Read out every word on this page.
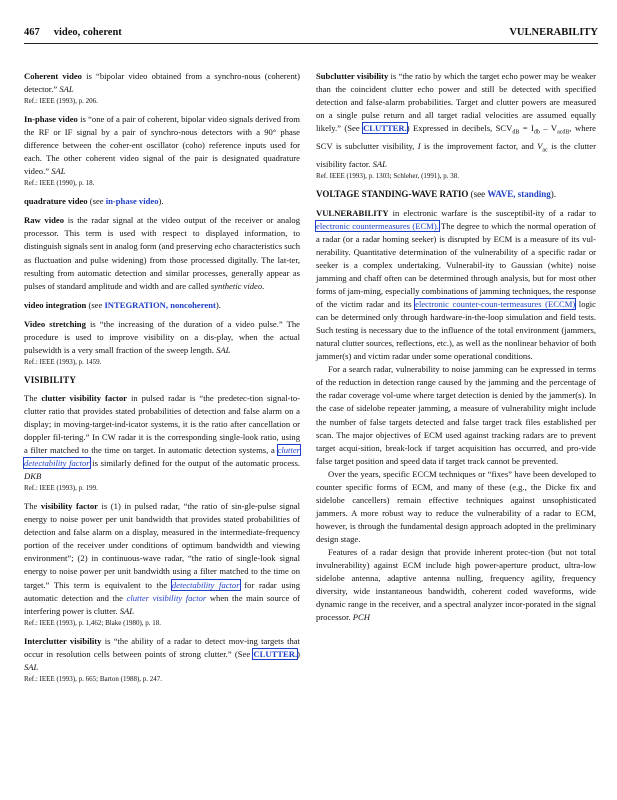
467 video, coherent	VULNERABILITY

Coherent video is “bipolar video obtained from a synchro-nous (coherent) detector.” SAL

Ref.: IEEE (1993), p. 206.

In-phase video is “one of a pair of coherent, bipolar video signals derived from the RF or IF signal by a pair of synchro-nous detectors with a 90° phase difference between the coher-ent oscillator (coho) reference inputs used for each. The other coherent video signal of the pair is designated quadrature video.” SAL

Ref.: IEEE (1990), p. 18.

quadrature video (see in-phase video).

Raw video is the radar signal at the video output of the receiver or analog processor. This term is used with respect to displayed information, to distinguish signals sent in analog form (and preserving echo characteristics such as fluctuation and pulse widening) from those processed digitally. The lat-ter, resulting from automatic detection and similar processes, generally appear as pulses of standard amplitude and width and are called synthetic video.

video integration (see INTEGRATION, noncoherent).

Video stretching is “the increasing of the duration of a video pulse.” The procedure is used to improve visibility on a dis-play, when the actual pulsewidth is a very small fraction of the sweep length. SAL

Ref.: IEEE (1993), p. 1459.

VISIBILITY

The clutter visibility factor in pulsed radar is “the predetec-tion signal-to-clutter ratio that provides stated probabilities of detection and false alarm on a display; in moving-target-ind-icator systems, it is the ratio after cancellation or doppler fil-tering.” In CW radar it is the corresponding single-look ratio, using a filter matched to the time on target. In automatic detection systems, a clutter detectability factor is similarly defined for the output of the automatic process. DKB

Ref.: IEEE (1993), p. 199.

The visibility factor is (1) in pulsed radar, “the ratio of sin-gle-pulse signal energy to noise power per unit bandwidth that provides stated probabilities of detection and false alarm on a display, measured in the intermediate-frequency portion of the receiver under conditions of optimum bandwidth and viewing environment”; (2) in continuous-wave radar, “the ratio of single-look signal energy to noise power per unit bandwidth using a filter matched to the time on target.” This term is equivalent to the detectability factor for radar using automatic detection and the clutter visibility factor when the main source of interfering power is clutter. SAL

Ref.: IEEE (1993), p. 1,462; Blake (1980), p. 18.

Interclutter visibility is “the ability of a radar to detect mov-ing targets that occur in resolution cells between points of strong clutter.” (See CLUTTER.) SAL

Ref.: IEEE (1993), p. 665; Barton (1988), p. 247.

Subclutter visibility is “the ratio by which the target echo power may be weaker than the coincident clutter echo power and still be detected with specified detection and false-alarm probabilities. Target and clutter powers are measured on a single pulse return and all target radial velocities are assumed equally likely.” (See CLUTTER.) Expressed in decibels, $SCV_{dB} = I_{db} - V_{acdB}$, where SCV is subclutter visibility, I is the improvement factor, and $V_{ac}$ is the clutter visibility factor. SAL

Ref. IEEE (1993), p. 1303; Schleher, (1991), p. 38.

VOLTAGE STANDING-WAVE RATIO (see WAVE, standing).

VULNERABILITY in electronic warfare is the susceptibil-ity of a radar to electronic countermeasures (ECM). The degree to which the normal operation of a radar (or a radar homing seeker) is disrupted by ECM is a measure of its vul-nerability. Quantitative determination of the vulnerability of a specific radar or seeker is a complex undertaking. Vulnerabil-ity to Gaussian (white) noise jamming and chaff often can be determined through analysis, but for most other forms of jam-ming, especially combinations of jamming techniques, the response of the victim radar and its electronic counter-coun-termeasures (ECCM) logic can be determined only through hardware-in-the-loop simulation and field tests. Such testing is necessary due to the influence of the total environment (jammers, natural clutter sources, reflections, etc.), as well as the nonlinear behavior of both jammer(s) and victim radar under some operational conditions.

For a search radar, vulnerability to noise jamming can be expressed in terms of the reduction in detection range caused by the jamming and the percentage of the radar coverage vol-ume where target detection is denied by the jammer(s). In the case of sidelobe repeater jamming, a measure of vulnerability might include the number of false targets detected and false target track files established per scan. The major objectives of ECM used against tracking radars are to prevent target acqui-sition, break-lock if target acquisition has occurred, and pro-vide false target position and speed data if target track cannot be prevented.

Over the years, specific ECCM techniques or “fixes” have been developed to counter specific forms of ECM, and many of these (e.g., the Dicke fix and sidelobe cancellers) remain effective techniques against unsophisticated jammers. A more robust way to reduce the vulnerability of a radar to ECM, however, is through the fundamental design approach adopted in the preliminary design stage.

Features of a radar design that provide inherent protec-tion (but not total invulnerability) against ECM include high power-aperture product, ultra-low sidelobe antenna, adaptive antenna nulling, frequency agility, frequency diversity, wide instantaneous bandwidth, coherent coded waveforms, wide dynamic range in the receiver, and a spectral analyzer incor-porated in the signal processor. PCH
